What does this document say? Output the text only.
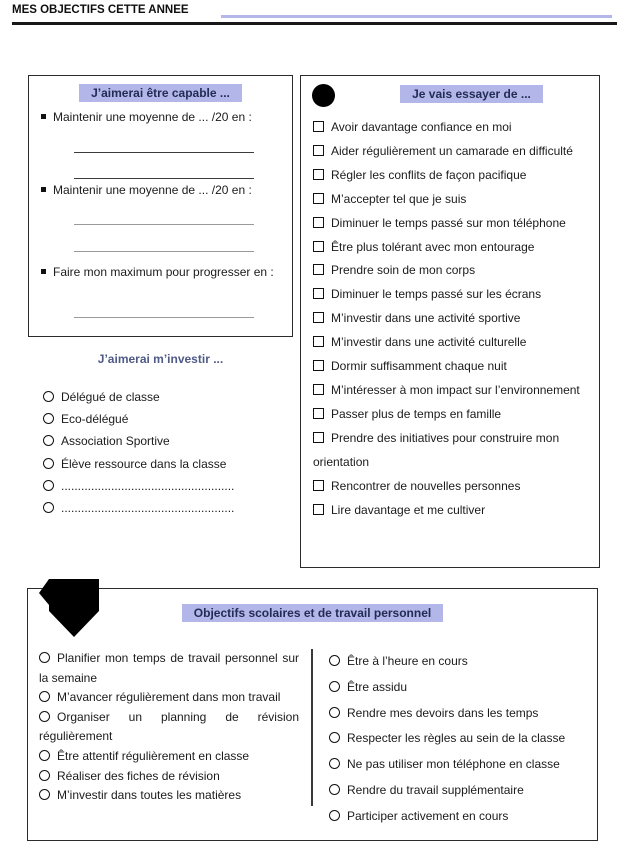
MES OBJECTIFS CETTE ANNEE
J’aimerai être capable ...
Maintenir une moyenne de ... /20 en :
Maintenir une moyenne de ... /20 en :
Faire mon maximum pour progresser en :
J’aimerai m’investir ...
Délégué de classe
Eco-délégué
Association Sportive
Élève ressource dans la classe
....................................................
....................................................
Je vais essayer de ...
Avoir davantage confiance en moi
Aider régulièrement un camarade en difficulté
Régler les conflits de façon pacifique
M’accepter tel que je suis
Diminuer le temps passé sur mon téléphone
Être plus tolérant avec mon entourage
Prendre soin de mon corps
Diminuer le temps passé sur les écrans
M’investir dans une activité sportive
M’investir dans une activité culturelle
Dormir suffisamment chaque nuit
M’intéresser à mon impact sur l’environnement
Passer plus de temps en famille
Prendre des initiatives pour construire mon orientation
Rencontrer de nouvelles personnes
Lire davantage et me cultiver
Objectifs scolaires et de travail personnel
Planifier mon temps de travail personnel sur la semaine
M’avancer régulièrement dans mon travail
Organiser un planning de révision régulièrement
Être attentif régulièrement en classe
Réaliser des fiches de révision
M’investir dans toutes les matières
Être à l’heure en cours
Être assidu
Rendre mes devoirs dans les temps
Respecter les règles au sein de la classe
Ne pas utiliser mon téléphone en classe
Rendre du travail supplémentaire
Participer activement en cours
